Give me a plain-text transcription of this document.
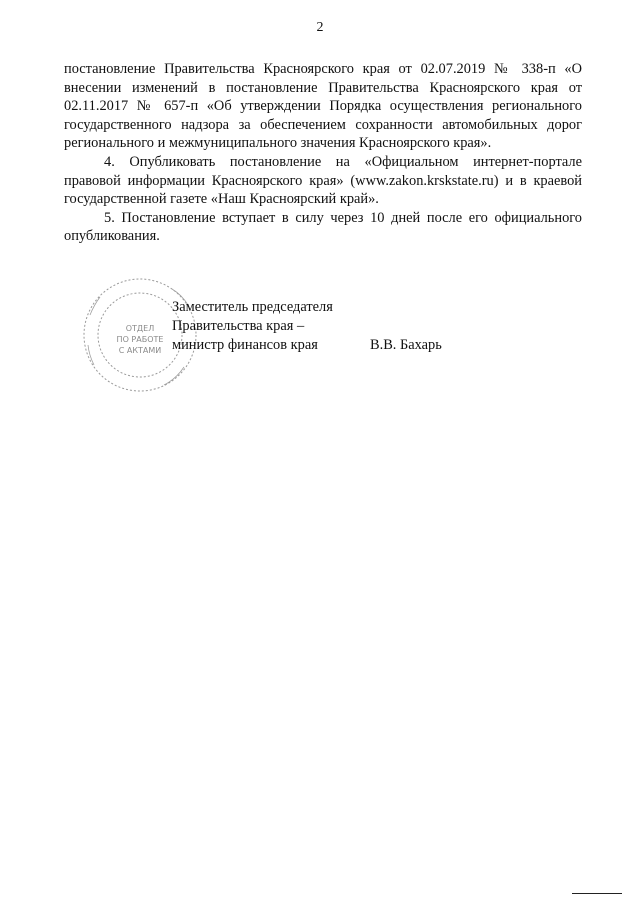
2

постановление Правительства Красноярского края от 02.07.2019 № 338-п «О внесении изменений в постановление Правительства Красноярского края от 02.11.2017 № 657-п «Об утверждении Порядка осуществления регионального государственного надзора за обеспечением сохранности автомобильных дорог регионального и межмуниципального значения Красноярского края».

4. Опубликовать постановление на «Официальном интернет-портале правовой информации Красноярского края» (www.zakon.krskstate.ru) и в краевой государственной газете «Наш Красноярский край».

5. Постановление вступает в силу через 10 дней после его официального опубликования.

ОТДЕЛ
ПО РАБОТЕ
С АКТАМИ
Заместитель председателя
Правительства края –
министр финансов края	В.В. Бахарь
